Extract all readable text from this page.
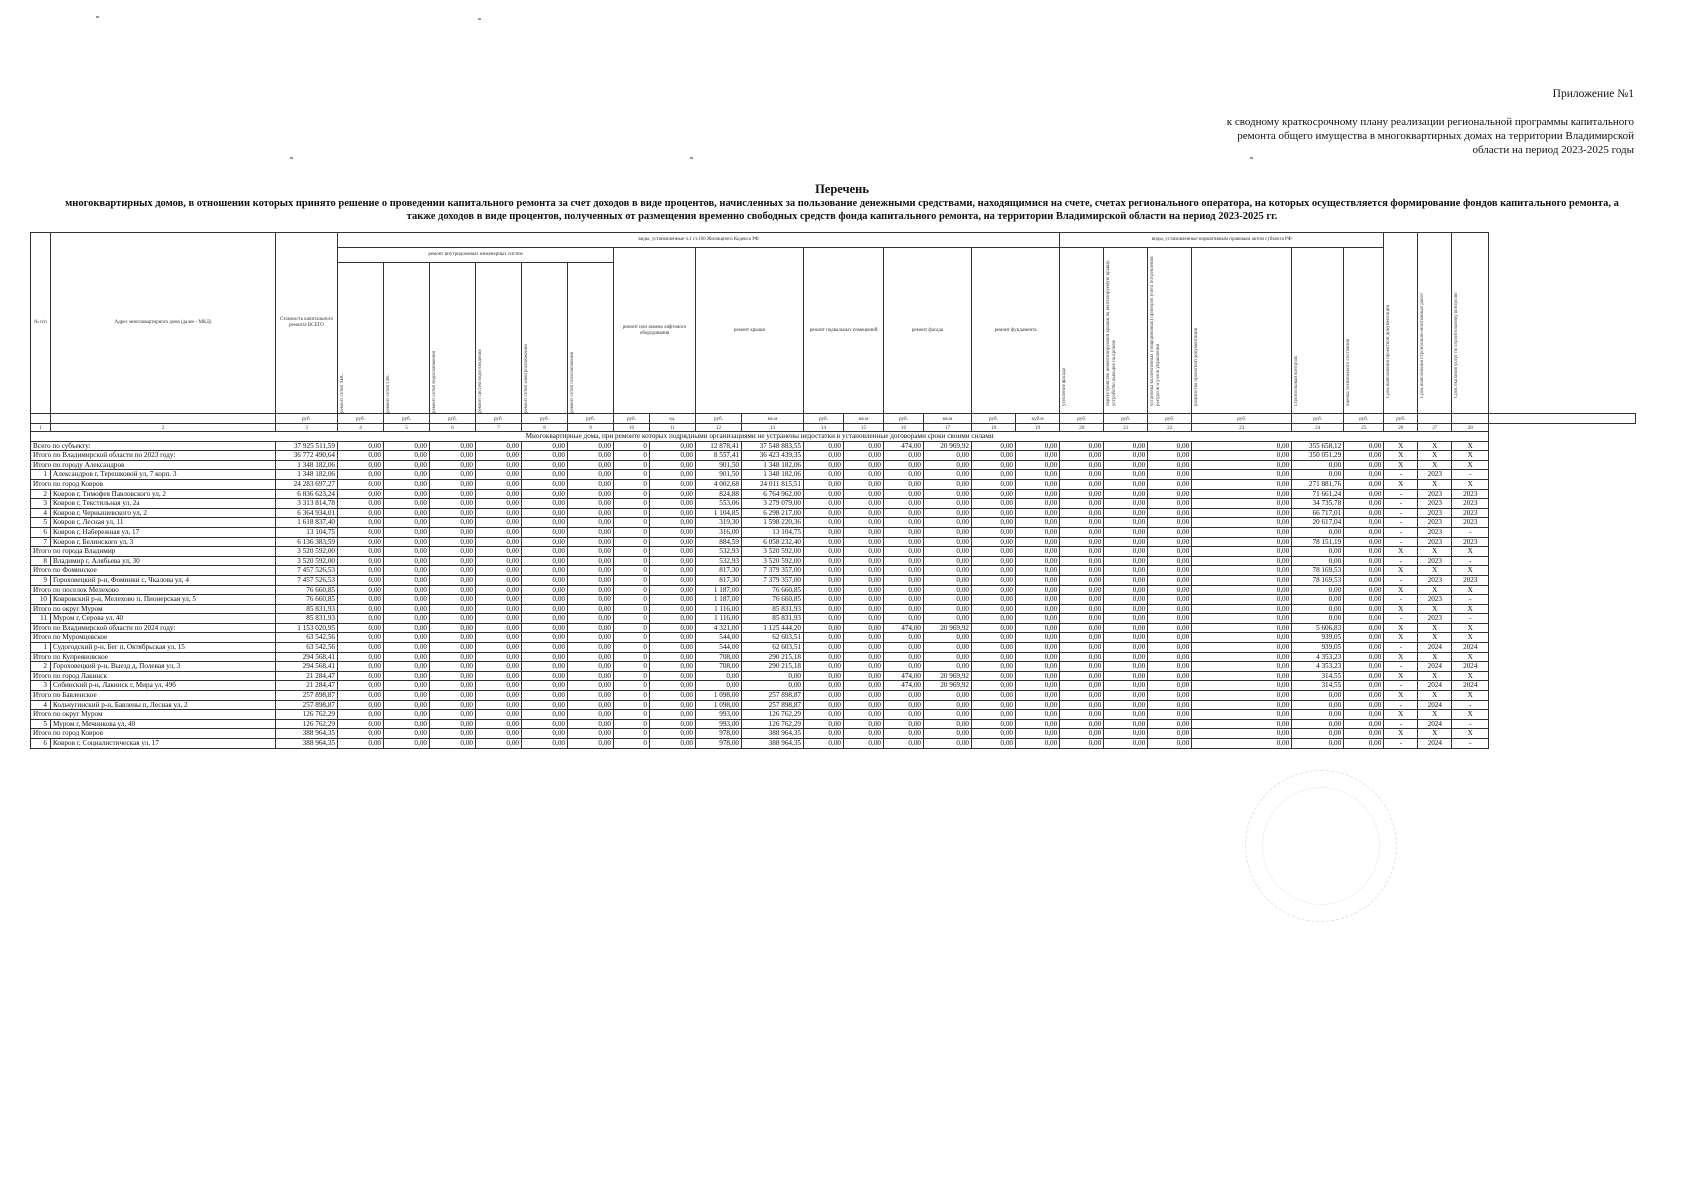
Приложение №1
к сводному краткосрочному плану реализации региональной программы капитального ремонта общего имущества в многоквартирных домах на территории Владимирской области на период 2023-2025 годы
Перечень
многоквартирных домов, в отношении которых принято решение о проведении капитального ремонта за счет доходов в виде процентов, начисленных за пользование денежными средствами, находящимися на счете, счетах регионального оператора, на которых осуществляется формирование фондов капитального ремонта, а также доходов в виде процентов, полученных от размещения временно свободных средств фонда капитального ремонта, на территории Владимирской области на период 2023-2025 гг.
№ п/п	Адрес многоквартирного дома (далее - МКД)	Стоимость капитального ремонта ВСЕГО	виды, установленные ч.1 ст.166 Жилищного Кодекса РФ																виды, установленные нормативным правовым актом субъекта РФ						Срок выполнения проектной документации	Срок выполнения строительно-монтажных работ	Срок оказания услуг по строительному контролю	

			ремонт внутридомовых инженерных систем						ремонт или замена лифтового оборудования		ремонт крыши		ремонт подвальных помещений		ремонт фасада		ремонт фундамента		утепление фасада	переустройство невентилируемой крыши на вентилируемую крышу, устройство выходов на кровлю	установка коллективных (общедомовых) приборов учета потребления ресурсов и узлов управления	разработка проектной документации	строительный контроль	оценка технического состояния				

			ремонт сетей ХВС	ремонт сетей ГВС	ремонт сетей водоснабжения	ремонт систем водоотведения	ремонт сетей электроснабжения	ремонт сетей газоснабжения																				

		руб.	руб.	руб.	руб.	руб.	руб.	руб.	руб.	ед.	руб.	кв.м	руб.	кв.м	руб.	кв.м	руб.	куб.м	руб.	руб.	руб.	руб.	руб.	руб.	руб.			
1	2	3	4	5	6	7	8	9	10	11	12	13	14	15	16	17	18	19	20	21	22	23	24	25	26	27	28	
Многоквартирные дома, при ремонте которых подрядными организациями не устранены недостатки в установленные договорами сроки своими силами																												
Всего по субъекту:		37 925 511,59	0,00	0,00	0,00	0,00	0,00	0,00	0	0,00	12 878,41	37 548 883,55	0,00	0,00	474,00	20 969,92	0,00	0,00	0,00	0,00	0,00	0,00	355 658,12	0,00	X	X	X	
Итого по Владимирской области по 2023 году:		36 772 490,64	0,00	0,00	0,00	0,00	0,00	0,00	0	0,00	8 557,41	36 423 439,35	0,00	0,00	0,00	0,00	0,00	0,00	0,00	0,00	0,00	0,00	350 051,29	0,00	X	X	X	
Итого по городу Александров		1 348 182,06	0,00	0,00	0,00	0,00	0,00	0,00	0	0,00	901,50	1 348 182,06	0,00	0,00	0,00	0,00	0,00	0,00	0,00	0,00	0,00	0,00	0,00	0,00	X	X	X	
1	Александров г, Терешковой ул, 7 корп. 3	1 348 182,06	0,00	0,00	0,00	0,00	0,00	0,00	0	0,00	901,50	1 348 182,06	0,00	0,00	0,00	0,00	0,00	0,00	0,00	0,00	0,00	0,00	0,00	0,00	-	2023	-	
Итого по город Ковров		24 283 697,27	0,00	0,00	0,00	0,00	0,00	0,00	0	0,00	4 002,68	24 011 815,51	0,00	0,00	0,00	0,00	0,00	0,00	0,00	0,00	0,00	0,00	271 881,76	0,00	X	X	X	
2	Ковров г, Тимофея Павловского ул, 2	6 836 623,24	0,00	0,00	0,00	0,00	0,00	0,00	0	0,00	824,88	6 764 962,00	0,00	0,00	0,00	0,00	0,00	0,00	0,00	0,00	0,00	0,00	71 661,24	0,00	-	2023	2023	
3	Ковров г, Текстильная ул, 2а	3 313 814,78	0,00	0,00	0,00	0,00	0,00	0,00	0	0,00	553,06	3 279 079,00	0,00	0,00	0,00	0,00	0,00	0,00	0,00	0,00	0,00	0,00	34 735,78	0,00	-	2023	2023	
4	Ковров г, Чернышевского ул, 2	6 364 934,01	0,00	0,00	0,00	0,00	0,00	0,00	0	0,00	1 104,85	6 298 217,00	0,00	0,00	0,00	0,00	0,00	0,00	0,00	0,00	0,00	0,00	66 717,01	0,00	-	2023	2023	
5	Ковров г, Лесная ул, 11	1 618 837,40	0,00	0,00	0,00	0,00	0,00	0,00	0	0,00	319,30	1 598 220,36	0,00	0,00	0,00	0,00	0,00	0,00	0,00	0,00	0,00	0,00	20 617,04	0,00	-	2023	2023	
6	Ковров г, Набережная ул, 17	13 104,75	0,00	0,00	0,00	0,00	0,00	0,00	0	0,00	316,00	13 104,75	0,00	0,00	0,00	0,00	0,00	0,00	0,00	0,00	0,00	0,00	0,00	0,00	-	2023	-	
7	Ковров г, Белинского ул, 3	6 136 383,59	0,00	0,00	0,00	0,00	0,00	0,00	0	0,00	884,59	6 058 232,40	0,00	0,00	0,00	0,00	0,00	0,00	0,00	0,00	0,00	0,00	78 151,19	0,00	-	2023	2023	
Итого по города Владимир		3 520 592,00	0,00	0,00	0,00	0,00	0,00	0,00	0	0,00	532,93	3 520 592,00	0,00	0,00	0,00	0,00	0,00	0,00	0,00	0,00	0,00	0,00	0,00	0,00	X	X	X	
8	Владимир г, Алябьева ул, 30	3 520 592,00	0,00	0,00	0,00	0,00	0,00	0,00	0	0,00	532,93	3 520 592,00	0,00	0,00	0,00	0,00	0,00	0,00	0,00	0,00	0,00	0,00	0,00	0,00	-	2023	-	
Итого по Фоминское		7 457 526,53	0,00	0,00	0,00	0,00	0,00	0,00	0	0,00	817,30	7 379 357,00	0,00	0,00	0,00	0,00	0,00	0,00	0,00	0,00	0,00	0,00	78 169,53	0,00	X	X	X	
9	Гороховецкий р-н, Фоминки с, Чкалова ул, 4	7 457 526,53	0,00	0,00	0,00	0,00	0,00	0,00	0	0,00	817,30	7 379 357,00	0,00	0,00	0,00	0,00	0,00	0,00	0,00	0,00	0,00	0,00	78 169,53	0,00	-	2023	2023	
Итого по поселок Мелехово		76 660,85	0,00	0,00	0,00	0,00	0,00	0,00	0	0,00	1 187,00	76 660,85	0,00	0,00	0,00	0,00	0,00	0,00	0,00	0,00	0,00	0,00	0,00	0,00	X	X	X	
10	Ковровский р-н, Мелехово п, Пионерская ул, 5	76 660,85	0,00	0,00	0,00	0,00	0,00	0,00	0	0,00	1 187,00	76 660,85	0,00	0,00	0,00	0,00	0,00	0,00	0,00	0,00	0,00	0,00	0,00	0,00	-	2023	-	
Итого по округ Муром		85 831,93	0,00	0,00	0,00	0,00	0,00	0,00	0	0,00	1 116,00	85 831,93	0,00	0,00	0,00	0,00	0,00	0,00	0,00	0,00	0,00	0,00	0,00	0,00	X	X	X	
11	Муром г, Серова ул, 40	85 831,93	0,00	0,00	0,00	0,00	0,00	0,00	0	0,00	1 116,00	85 831,93	0,00	0,00	0,00	0,00	0,00	0,00	0,00	0,00	0,00	0,00	0,00	0,00	-	2023	-	
Итого по Владимирской области по 2024 году:		1 153 020,95	0,00	0,00	0,00	0,00	0,00	0,00	0	0,00	4 321,00	1 125 444,20	0,00	0,00	474,00	20 969,92	0,00	0,00	0,00	0,00	0,00	0,00	5 606,83	0,00	X	X	X	
Итого по Муромцевское		63 542,56	0,00	0,00	0,00	0,00	0,00	0,00	0	0,00	544,00	62 603,51	0,00	0,00	0,00	0,00	0,00	0,00	0,00	0,00	0,00	0,00	939,05	0,00	X	X	X	
1	Судогодский р-н, Бег п, Октябрьская ул, 15	63 542,56	0,00	0,00	0,00	0,00	0,00	0,00	0	0,00	544,00	62 603,51	0,00	0,00	0,00	0,00	0,00	0,00	0,00	0,00	0,00	0,00	939,05	0,00	-	2024	2024	
Итого по Купреяновское		294 568,41	0,00	0,00	0,00	0,00	0,00	0,00	0	0,00	708,00	290 215,18	0,00	0,00	0,00	0,00	0,00	0,00	0,00	0,00	0,00	0,00	4 353,23	0,00	X	X	X	
2	Гороховецкий р-н, Выезд д, Полевая ул, 3	294 568,41	0,00	0,00	0,00	0,00	0,00	0,00	0	0,00	708,00	290 215,18	0,00	0,00	0,00	0,00	0,00	0,00	0,00	0,00	0,00	0,00	4 353,23	0,00	-	2024	2024	
Итого по город Лакинск		21 284,47	0,00	0,00	0,00	0,00	0,00	0,00	0	0,00	0,00	0,00	0,00	0,00	474,00	20 969,92	0,00	0,00	0,00	0,00	0,00	0,00	314,55	0,00	X	X	X	
3	Собинский р-н, Лакинск г, Мира ул, 49б	21 284,47	0,00	0,00	0,00	0,00	0,00	0,00	0	0,00	0,00	0,00	0,00	0,00	474,00	20 969,92	0,00	0,00	0,00	0,00	0,00	0,00	314,55	0,00	-	2024	2024	
Итого по Бавленское		257 898,87	0,00	0,00	0,00	0,00	0,00	0,00	0	0,00	1 098,00	257 898,87	0,00	0,00	0,00	0,00	0,00	0,00	0,00	0,00	0,00	0,00	0,00	0,00	X	X	X	
4	Кольчугинский р-н, Бавлены п, Лесная ул, 2	257 898,87	0,00	0,00	0,00	0,00	0,00	0,00	0	0,00	1 098,00	257 898,87	0,00	0,00	0,00	0,00	0,00	0,00	0,00	0,00	0,00	0,00	0,00	0,00	-	2024	-	
Итого по округ Муром		126 762,29	0,00	0,00	0,00	0,00	0,00	0,00	0	0,00	993,00	126 762,29	0,00	0,00	0,00	0,00	0,00	0,00	0,00	0,00	0,00	0,00	0,00	0,00	X	X	X	
5	Муром г, Мечникова ул, 40	126 762,29	0,00	0,00	0,00	0,00	0,00	0,00	0	0,00	993,00	126 762,29	0,00	0,00	0,00	0,00	0,00	0,00	0,00	0,00	0,00	0,00	0,00	0,00	-	2024	-	
Итого по город Ковров		388 964,35	0,00	0,00	0,00	0,00	0,00	0,00	0	0,00	978,00	388 964,35	0,00	0,00	0,00	0,00	0,00	0,00	0,00	0,00	0,00	0,00	0,00	0,00	X	X	X	
6	Ковров г, Социалистическая ул, 17	388 964,35	0,00	0,00	0,00	0,00	0,00	0,00	0	0,00	978,00	388 964,35	0,00	0,00	0,00	0,00	0,00	0,00	0,00	0,00	0,00	0,00	0,00	0,00	-	2024	-	
